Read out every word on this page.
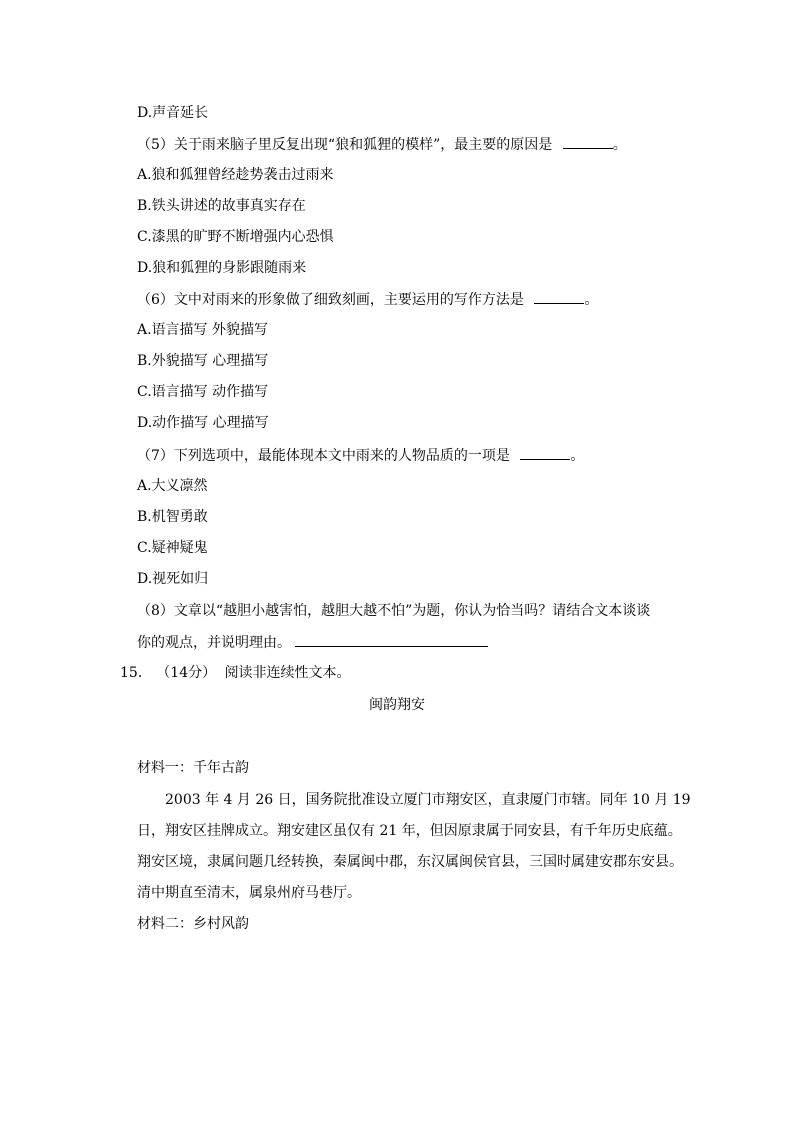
D.声音延长
（5）关于雨来脑子里反复出现“狼和狐狸的模样”，最主要的原因是	。
A.狼和狐狸曾经趁势袭击过雨来
B.铁头讲述的故事真实存在
C.漆黑的旷野不断增强内心恐惧
D.狼和狐狸的身影跟随雨来
（6）文中对雨来的形象做了细致刻画，主要运用的写作方法是	。
A.语言描写 外貌描写
B.外貌描写 心理描写
C.语言描写 动作描写
D.动作描写 心理描写
（7）下列选项中，最能体现本文中雨来的人物品质的一项是	。
A.大义凛然
B.机智勇敢
C.疑神疑鬼
D.视死如归
（8）文章以“越胆小越害怕，越胆大越不怕”为题，你认为恰当吗？请结合文本谈谈
你的观点，并说明理由。
15． （14分） 阅读非连续性文本。
闽韵翔安
材料一：千年古韵
2003 年 4 月 26 日，国务院批准设立厦门市翔安区，直隶厦门市辖。同年 10 月 19
日，翔安区挂牌成立。翔安建区虽仅有 21 年，但因原隶属于同安县，有千年历史底蕴。
翔安区境，隶属问题几经转换，秦属闽中郡，东汉属闽侯官县，三国时属建安郡东安县。
清中期直至清末，属泉州府马巷厅。
材料二：乡村风韵
